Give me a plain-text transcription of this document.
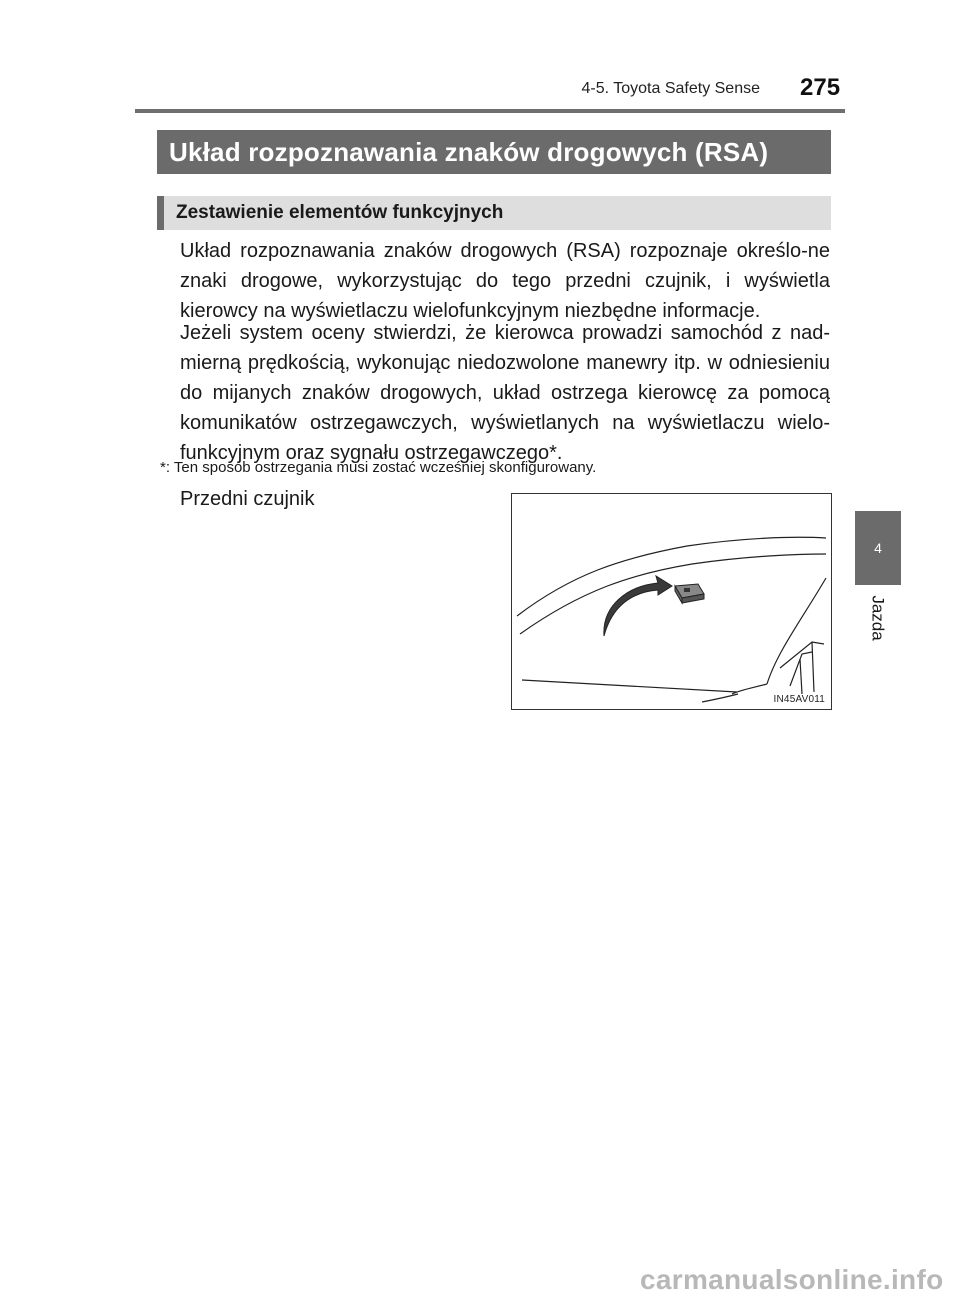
4-5. Toyota Safety Sense 275
Układ rozpoznawania znaków drogowych (RSA)
Zestawienie elementów funkcyjnych

Układ rozpoznawania znaków drogowych (RSA) rozpoznaje określo-ne znaki drogowe, wykorzystując do tego przedni czujnik, i wyświetla kierowcy na wyświetlaczu wielofunkcyjnym niezbędne informacje.

Jeżeli system oceny stwierdzi, że kierowca prowadzi samochód z nad-mierną prędkością, wykonując niedozwolone manewry itp. w odniesieniu do mijanych znaków drogowych, układ ostrzega kierowcę za pomocą komunikatów ostrzegawczych, wyświetlanych na wyświetlaczu wielo-funkcyjnym oraz sygnału ostrzegawczego*.

*: Ten sposób ostrzegania musi zostać wcześniej skonfigurowany.
Przedni czujnik
IN45AV011
4
Jazda
carmanualsonline.info
